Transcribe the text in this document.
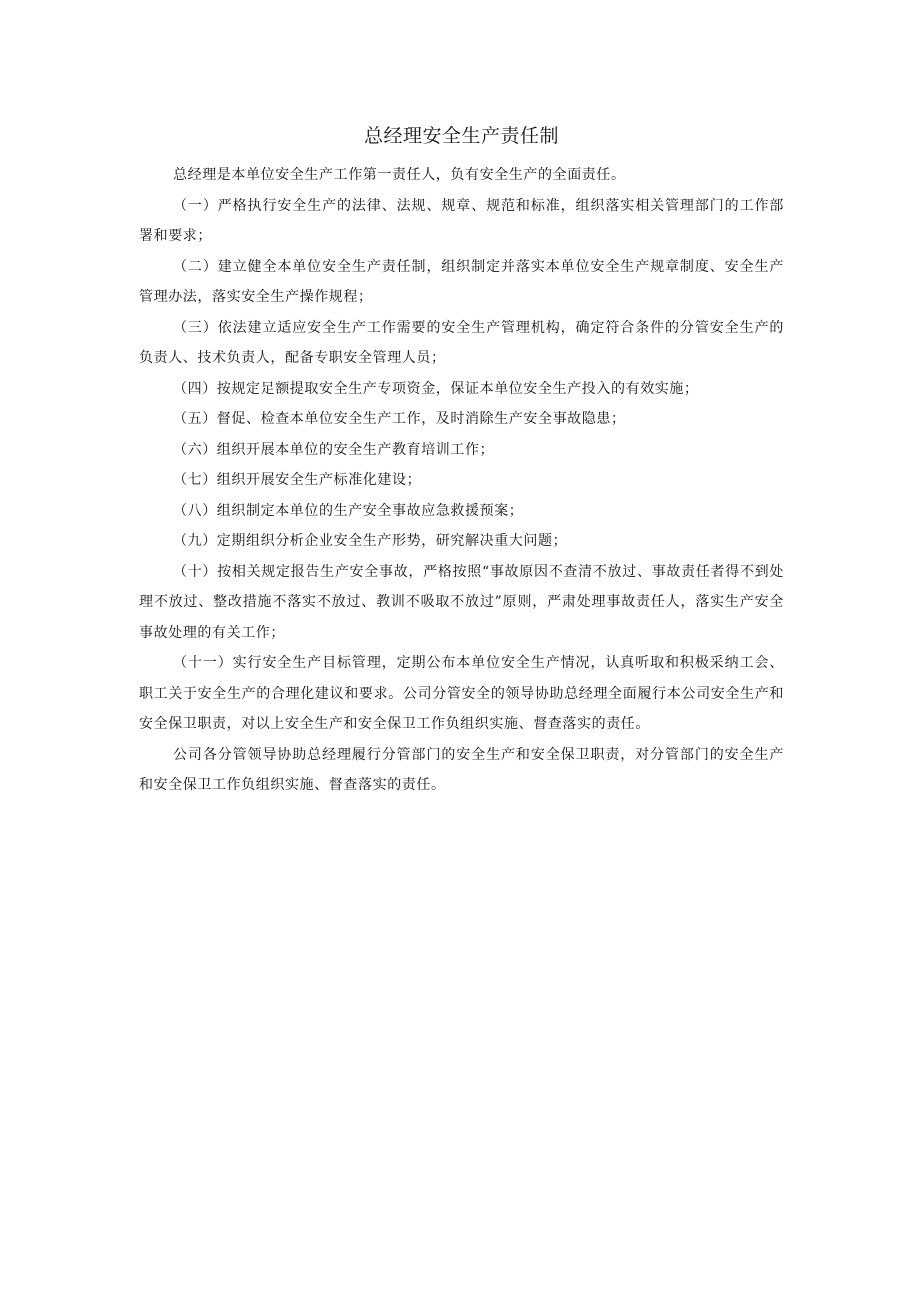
总经理安全生产责任制

总经理是本单位安全生产工作第一责任人，负有安全生产的全面责任。

（一）严格执行安全生产的法律、法规、规章、规范和标准，组织落实相关管理部门的工作部署和要求；

（二）建立健全本单位安全生产责任制，组织制定并落实本单位安全生产规章制度、安全生产管理办法，落实安全生产操作规程；

（三）依法建立适应安全生产工作需要的安全生产管理机构，确定符合条件的分管安全生产的负责人、技术负责人，配备专职安全管理人员；

（四）按规定足额提取安全生产专项资金，保证本单位安全生产投入的有效实施；

（五）督促、检查本单位安全生产工作，及时消除生产安全事故隐患；

（六）组织开展本单位的安全生产教育培训工作；

（七）组织开展安全生产标准化建设；

（八）组织制定本单位的生产安全事故应急救援预案；

（九）定期组织分析企业安全生产形势，研究解决重大问题；

（十）按相关规定报告生产安全事故，严格按照“事故原因不查清不放过、事故责任者得不到处理不放过、整改措施不落实不放过、教训不吸取不放过”原则，严肃处理事故责任人，落实生产安全事故处理的有关工作；

（十一）实行安全生产目标管理，定期公布本单位安全生产情况，认真听取和积极采纳工会、职工关于安全生产的合理化建议和要求。公司分管安全的领导协助总经理全面履行本公司安全生产和安全保卫职责，对以上安全生产和安全保卫工作负组织实施、督查落实的责任。

公司各分管领导协助总经理履行分管部门的安全生产和安全保卫职责，对分管部门的安全生产和安全保卫工作负组织实施、督查落实的责任。
